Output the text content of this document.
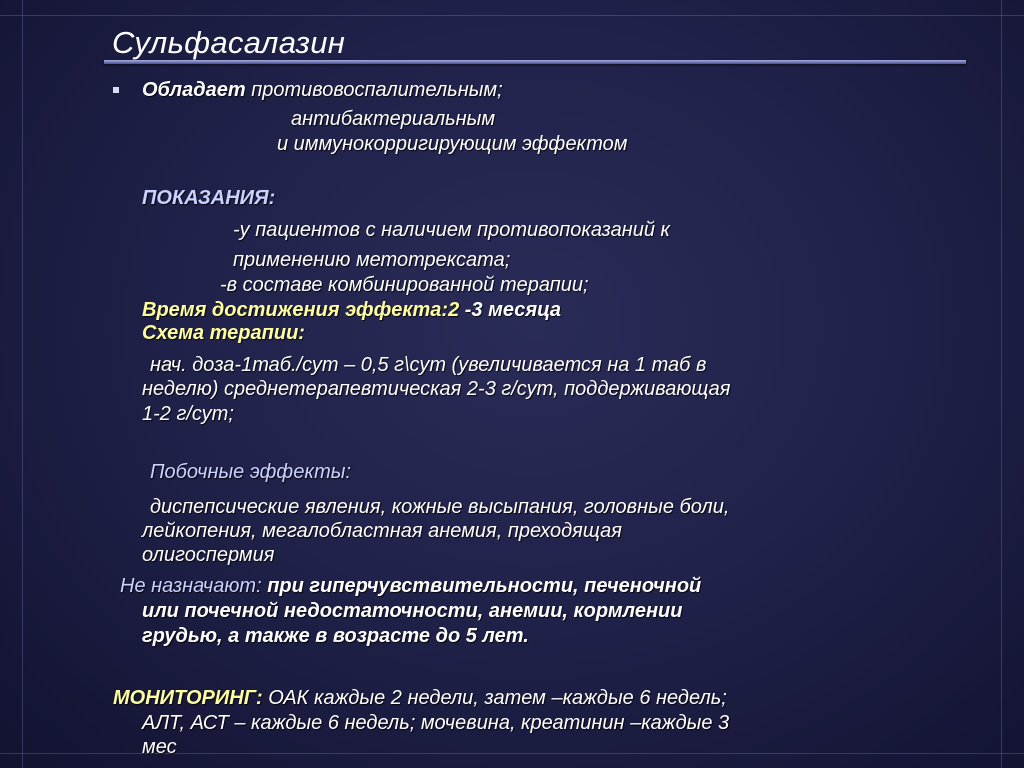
Сульфасалазин
Обладает противовоспалительным;
антибактериальным
и иммунокорригирующим эффектом
ПОКАЗАНИЯ:
-у пациентов с наличием противопоказаний к
применению метотрексата;
-в составе комбинированной терапии;
Время достижения эффекта:2 -3 месяца
Схема терапии:
нач. доза-1таб./сут – 0,5 г\сут (увеличивается на 1 таб в
неделю) среднетерапевтическая 2-3 г/сут, поддерживающая
1-2 г/сут;
Побочные эффекты:
диспепсические явления, кожные высыпания, головные боли,
лейкопения, мегалобластная анемия, преходящая
олигоспермия
Не назначают: при гиперчувствительности, печеночной
или почечной недостаточности, анемии, кормлении
грудью, а также в возрасте до 5 лет.
МОНИТОРИНГ: ОАК каждые 2 недели, затем –каждые 6 недель;
АЛТ, АСТ – каждые 6 недель; мочевина, креатинин –каждые 3
мес
